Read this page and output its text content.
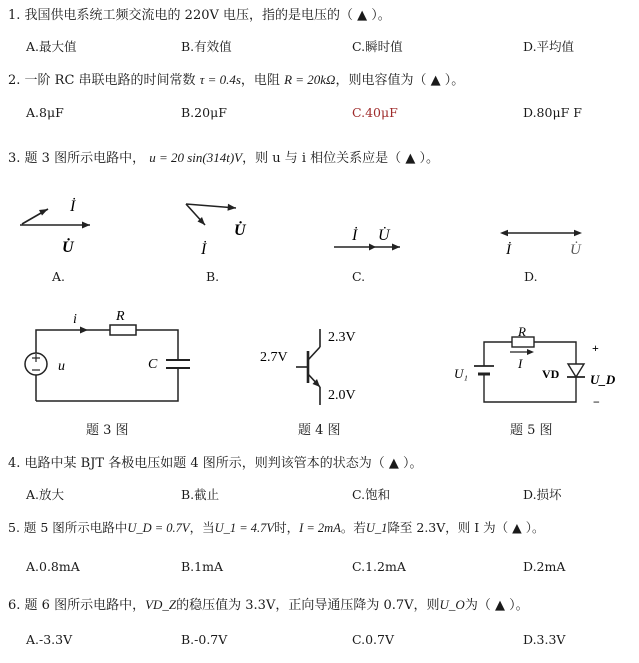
1. 我国供电系统工频交流电的 220V 电压，指的是电压的（ ▲ ）。
A.最大值	B.有效值	C.瞬时值	D.平均值
2. 一阶 RC 串联电路的时间常数 τ = 0.4s，电阻 R = 20kΩ，则电容值为（ ▲ ）。
A.8μF	B.20μF	C.40μF	D.80μF F
3. 题 3 图所示电路中， u = 20 sin(314t)V，则 u 与 i 相位关系应是（ ▲ ）。
İ
U̇
A.
U̇
İ
B.
İ U̇
C.
İ	U̇
D.
i	R
C
u
题 3 图
2.7V
2.3V
2.0V
题 4 图
R
I
U₁	VD U_D
+
−
题 5 图
4. 电路中某 BJT 各极电压如题 4 图所示，则判该管本的状态为（ ▲ ）。
A.放大	B.截止	C.饱和	D.损坏
5. 题 5 图所示电路中U_D = 0.7V，当U_1 = 4.7V时，I = 2mA。若U_1降至 2.3V，则 I 为（ ▲ ）。
A.0.8mA	B.1mA	C.1.2mA	D.2mA
6. 题 6 图所示电路中，VD_Z的稳压值为 3.3V，正向导通压降为 0.7V，则U_O为（ ▲ ）。
A.-3.3V	B.-0.7V	C.0.7V	D.3.3V
